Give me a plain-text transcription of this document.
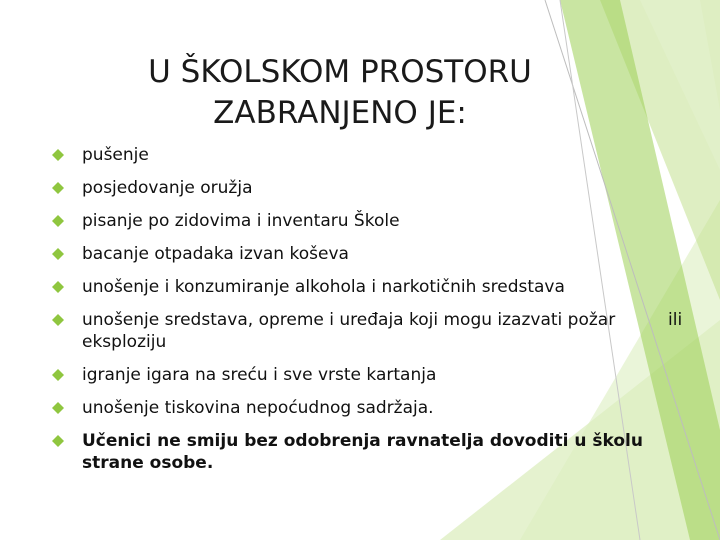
U ŠKOLSKOM PROSTORU
ZABRANJENO JE:
pušenje
posjedovanje oružja
pisanje po zidovima i inventaru Škole
bacanje otpadaka izvan koševa
unošenje i konzumiranje alkohola i narkotičnih sredstava
unošenje sredstava, opreme i uređaja koji mogu izazvati požar	ili

eksploziju
igranje igara na sreću i sve vrste kartanja
unošenje tiskovina nepoćudnog sadržaja.
Učenici ne smiju bez odobrenja ravnatelja dovoditi u školu
strane osobe.
